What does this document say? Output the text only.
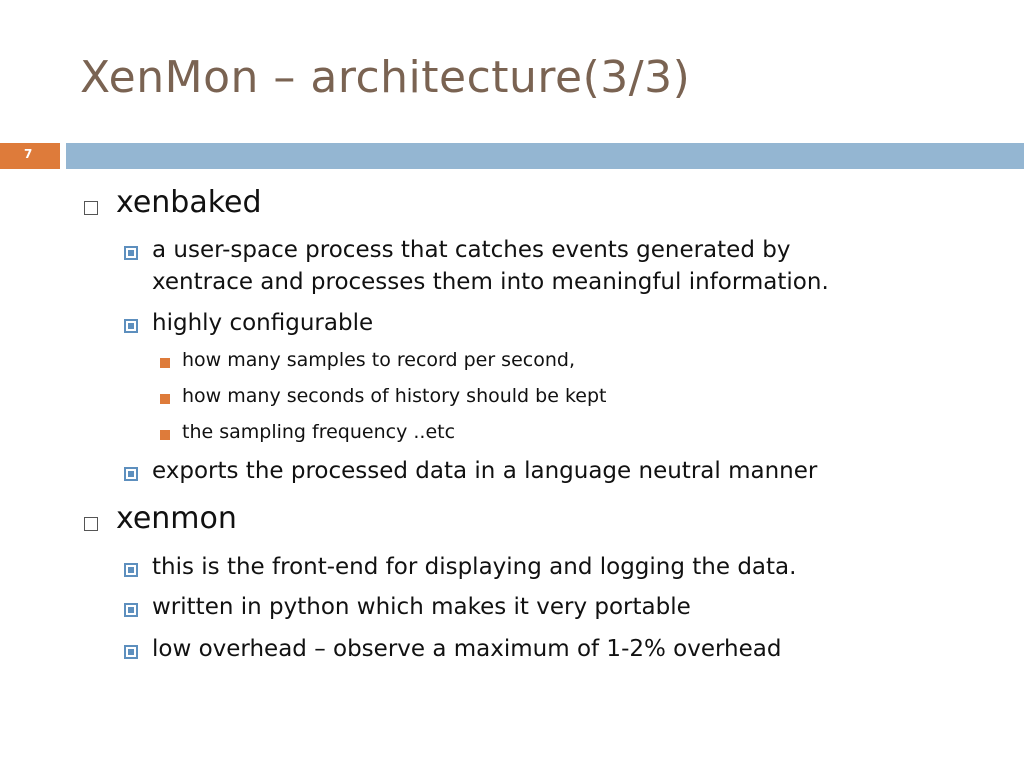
XenMon – architecture(3/3)
7
xenbaked
a user-space process that catches events generated by
xentrace and processes them into meaningful information.
highly configurable
how many samples to record per second,
how many seconds of history should be kept
the sampling frequency ..etc
exports the processed data in a language neutral manner
xenmon
this is the front-end for displaying and logging the data.
written in python which makes it very portable
low overhead – observe a maximum of 1-2% overhead
